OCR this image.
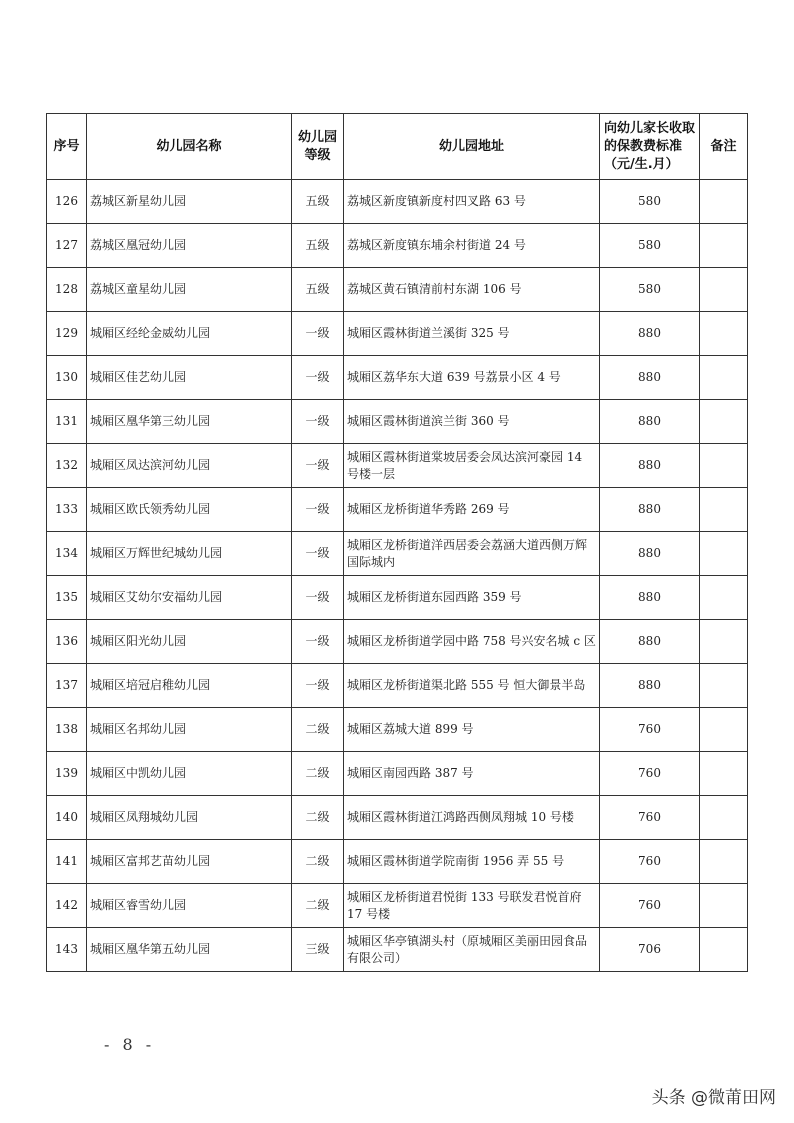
序号	幼儿园名称	幼儿园等级	幼儿园地址	向幼儿家长收取的保教费标准（元/生.月）	备注
126	荔城区新星幼儿园	五级	荔城区新度镇新度村四叉路 63 号	580	
127	荔城区凰冠幼儿园	五级	荔城区新度镇东埔余村街道 24 号	580	
128	荔城区童星幼儿园	五级	荔城区黄石镇清前村东湖 106 号	580	
129	城厢区经纶金威幼儿园	一级	城厢区霞林街道兰溪街 325 号	880	
130	城厢区佳艺幼儿园	一级	城厢区荔华东大道 639 号荔景小区 4 号	880	
131	城厢区凰华第三幼儿园	一级	城厢区霞林街道滨兰街 360 号	880	
132	城厢区凤达滨河幼儿园	一级	城厢区霞林街道棠坡居委会凤达滨河豪园 14 号楼一层	880	
133	城厢区欧氏领秀幼儿园	一级	城厢区龙桥街道华秀路 269 号	880	
134	城厢区万辉世纪城幼儿园	一级	城厢区龙桥街道洋西居委会荔涵大道西侧万辉国际城内	880	
135	城厢区艾幼尔安福幼儿园	一级	城厢区龙桥街道东园西路 359 号	880	
136	城厢区阳光幼儿园	一级	城厢区龙桥街道学园中路 758 号兴安名城 c 区	880	
137	城厢区培冠启稚幼儿园	一级	城厢区龙桥街道渠北路 555 号 恒大御景半岛	880	
138	城厢区名邦幼儿园	二级	城厢区荔城大道 899 号	760	
139	城厢区中凯幼儿园	二级	城厢区南园西路 387 号	760	
140	城厢区凤翔城幼儿园	二级	城厢区霞林街道江鸿路西侧凤翔城 10 号楼	760	
141	城厢区富邦艺苗幼儿园	二级	城厢区霞林街道学院南街 1956 弄 55 号	760	
142	城厢区睿雪幼儿园	二级	城厢区龙桥街道君悦街 133 号联发君悦首府 17 号楼	760	
143	城厢区凰华第五幼儿园	三级	城厢区华亭镇湖头村（原城厢区美丽田园食品有限公司）	706	
- 8 -
头条 @微莆田网
